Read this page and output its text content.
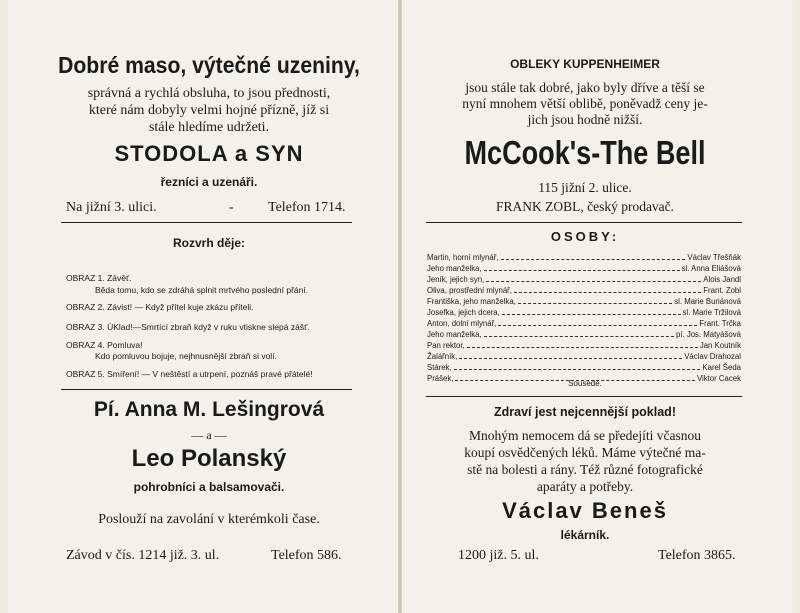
Dobré maso, výtečné uzeniny,
správná a rychlá obsluha, to jsou přednosti,
které nám dobyly velmi hojné přízně, jíž si
stále hledíme udržeti.
STODOLA a SYN
řezníci a uzenáři.
Na jižní 3. ulici.	- Telefon 1714.
Rozvrh děje:
OBRAZ 1. Závěť.
Běda tomu, kdo se zdráhá splnit mrtvého poslední přání.
OBRAZ 2. Závist! — Když přítel kuje zkázu příteli.
OBRAZ 3. ÚKlad!—Smrtící zbraň když v ruku vtiskne slepá zášť.
OBRAZ 4. Pomluva!
Kdo pomluvou bojuje, nejhnusnější zbraň si volí.
OBRAZ 5. Smíření! — V neštěstí a utrpení, poznáš pravé přátelé!
Pí. Anna M. Lešingrová
— a —
Leo Polanský
pohrobníci a balsamovači.
Poslouží na zavolání v kterémkoli čase.
Závod v čís. 1214 již. 3. ul.	Telefon 586.
OBLEKY KUPPENHEIMER
jsou stále tak dobré, jako byly dříve a těší se
nyní mnohem větší oblibě, poněvadž ceny je-
jich jsou hodně nižší.
McCook's-The Bell
115 jižní 2. ulice.
FRANK ZOBL, český prodavač.
OSOBY:
Martin, horní mlynář,	Václav Třešňák
Jeho manželka,	sl. Anna Eliášová
Jeník, jejich syn,	Alois Jandl
Oliva, prostřední mlynář,	Frant. Zobl
Františka, jeho manželka,	sl. Marie Buriánová
Josefka, jejich dcera,	sl. Marie Tržilová
Anton, dolní mlynář,	Frant. Trčka
Jeho manželka,	pí. Jos. Matyášová
Pan rektor,	Jan Koutník
Žalářník,	Václav Drahozal
Stárek,	Karel Šeda
Prášek,	Viktor Cacek
Sousedé.
Zdraví jest nejcennější poklad!
Mnohým nemocem dá se předejíti včasnou
koupí osvědčených léků. Máme výtečné ma-
stě na bolesti a rány. Též různé fotografické
aparáty a potřeby.
Václav Beneš
lékárník.
1200 již. 5. ul.	Telefon 3865.
